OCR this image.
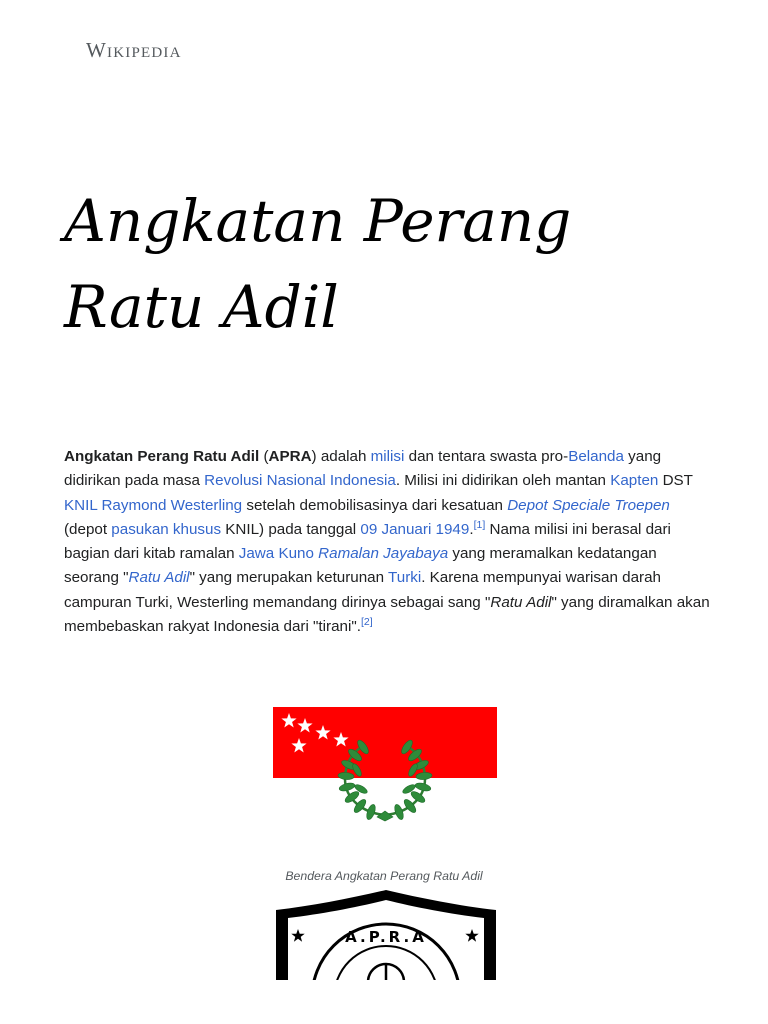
Wikipedia
Angkatan Perang Ratu Adil

Angkatan Perang Ratu Adil (APRA) adalah milisi dan tentara swasta pro-Belanda yang didirikan pada masa Revolusi Nasional Indonesia. Milisi ini didirikan oleh mantan Kapten DST KNIL Raymond Westerling setelah demobilisasinya dari kesatuan Depot Speciale Troepen (depot pasukan khusus KNIL) pada tanggal 09 Januari 1949.[1] Nama milisi ini berasal dari bagian dari kitab ramalan Jawa Kuno Ramalan Jayabaya yang meramalkan kedatangan seorang "Ratu Adil" yang merupakan keturunan Turki. Karena mempunyai warisan darah campuran Turki, Westerling memandang dirinya sebagai sang "Ratu Adil" yang diramalkan akan membebaskan rakyat Indonesia dari "tirani".[2]

Bendera Angkatan Perang Ratu Adil
A.P.R.A
